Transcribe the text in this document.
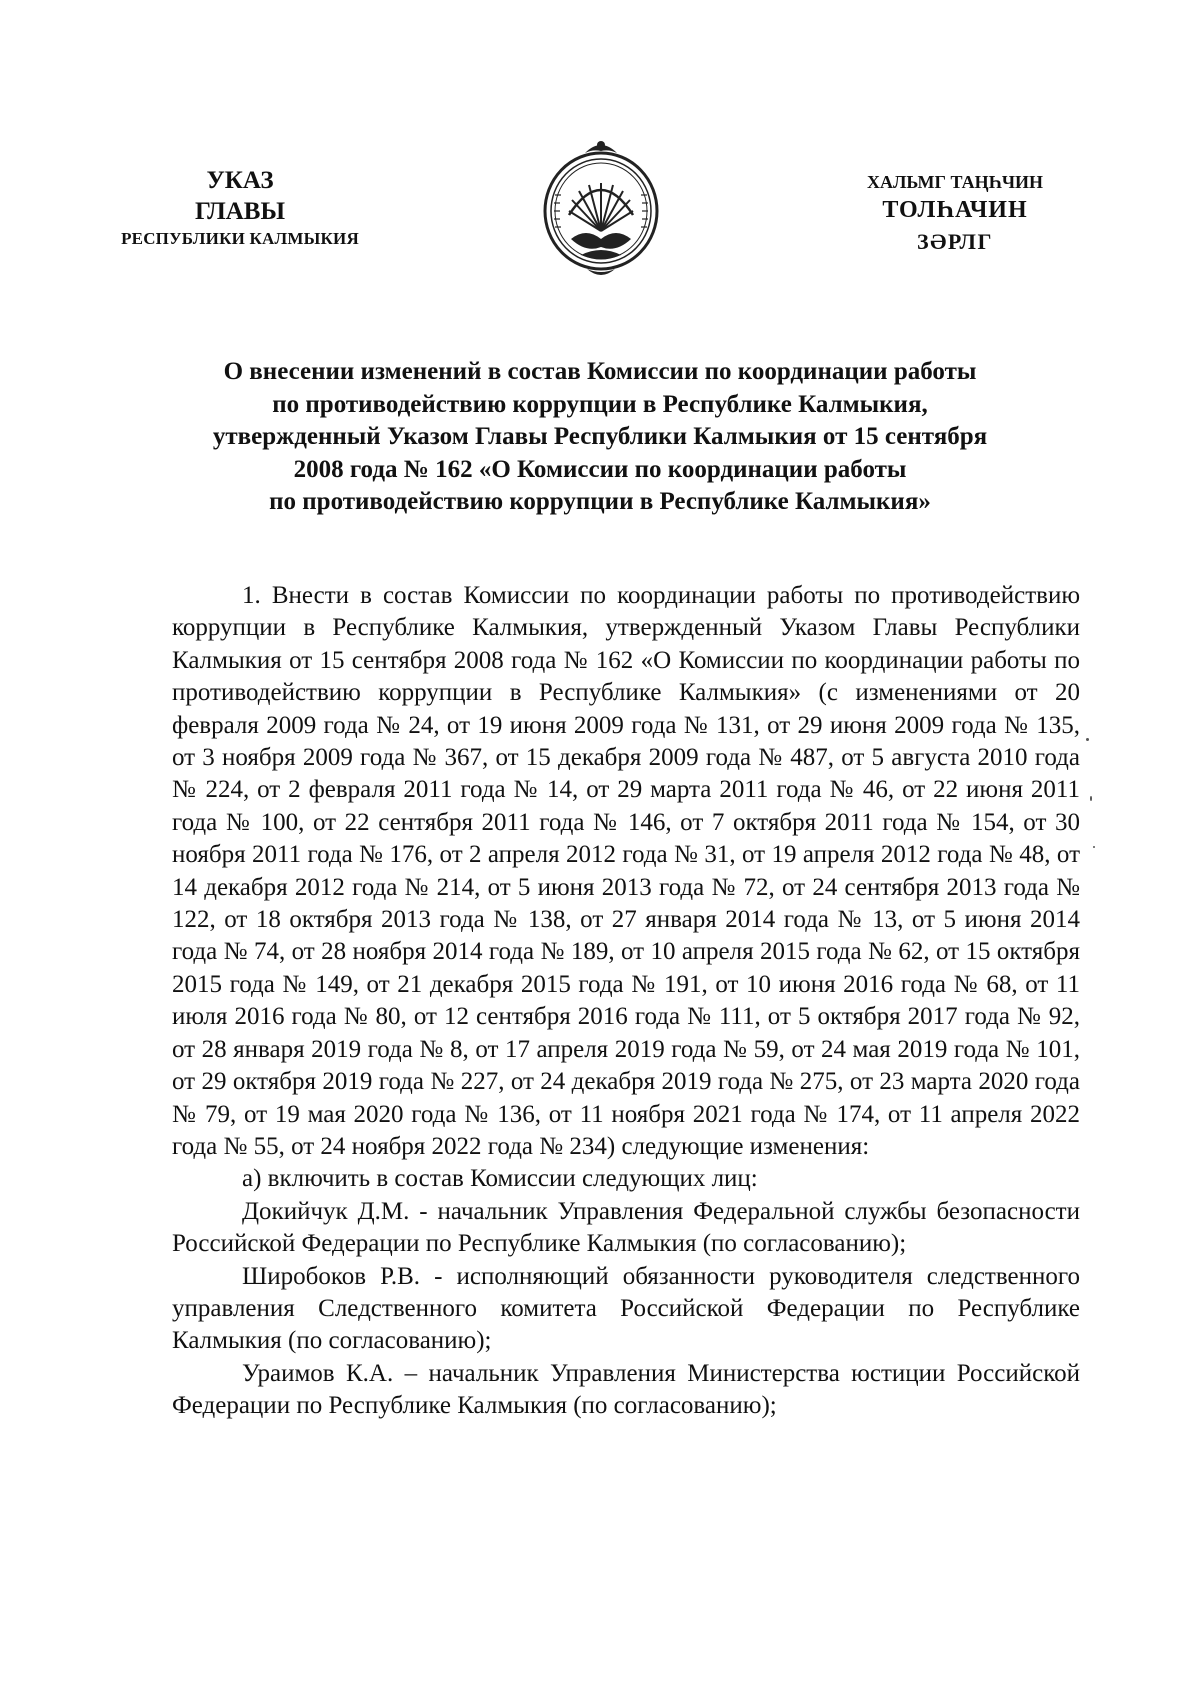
УКАЗ
ГЛАВЫ
РЕСПУБЛИКИ КАЛМЫКИЯ
ХАЛЬМГ ТАҢҺЧИН
ТОЛҺАЧИН
ЗӘРЛГ
О внесении изменений в состав Комиссии по координации работы
по противодействию коррупции в Республике Калмыкия,
утвержденный Указом Главы Республики Калмыкия от 15 сентября
2008 года № 162 «О Комиссии по координации работы
по противодействию коррупции в Республике Калмыкия»

1. Внести в состав Комиссии по координации работы по противодействию коррупции в Республике Калмыкия, утвержденный Указом Главы Республики Калмыкия от 15 сентября 2008 года № 162 «О Комиссии по координации работы по противодействию коррупции в Республике Калмыкия» (с изменениями от 20 февраля 2009 года № 24, от 19 июня 2009 года № 131, от 29 июня 2009 года № 135, от 3 ноября 2009 года № 367, от 15 декабря 2009 года № 487, от 5 августа 2010 года № 224, от 2 февраля 2011 года № 14, от 29 марта 2011 года № 46, от 22 июня 2011 года № 100, от 22 сентября 2011 года № 146, от 7 октября 2011 года № 154, от 30 ноября 2011 года № 176, от 2 апреля 2012 года № 31, от 19 апреля 2012 года № 48, от 14 декабря 2012 года № 214, от 5 июня 2013 года № 72, от 24 сентября 2013 года № 122, от 18 октября 2013 года № 138, от 27 января 2014 года № 13, от 5 июня 2014 года № 74, от 28 ноября 2014 года № 189, от 10 апреля 2015 года № 62, от 15 октября 2015 года № 149, от 21 декабря 2015 года № 191, от 10 июня 2016 года № 68, от 11 июля 2016 года № 80, от 12 сентября 2016 года № 111, от 5 октября 2017 года № 92, от 28 января 2019 года № 8, от 17 апреля 2019 года № 59, от 24 мая 2019 года № 101, от 29 октября 2019 года № 227, от 24 декабря 2019 года № 275, от 23 марта 2020 года № 79, от 19 мая 2020 года № 136, от 11 ноября 2021 года № 174, от 11 апреля 2022 года № 55, от 24 ноября 2022 года № 234) следующие изменения:

а) включить в состав Комиссии следующих лиц:

Докийчук Д.М. - начальник Управления Федеральной службы безопасности Российской Федерации по Республике Калмыкия (по согласованию);

Широбоков Р.В. - исполняющий обязанности руководителя следственного управления Следственного комитета Российской Федерации по Республике Калмыкия (по согласованию);

Ураимов К.А. – начальник Управления Министерства юстиции Российской Федерации по Республике Калмыкия (по согласованию);
